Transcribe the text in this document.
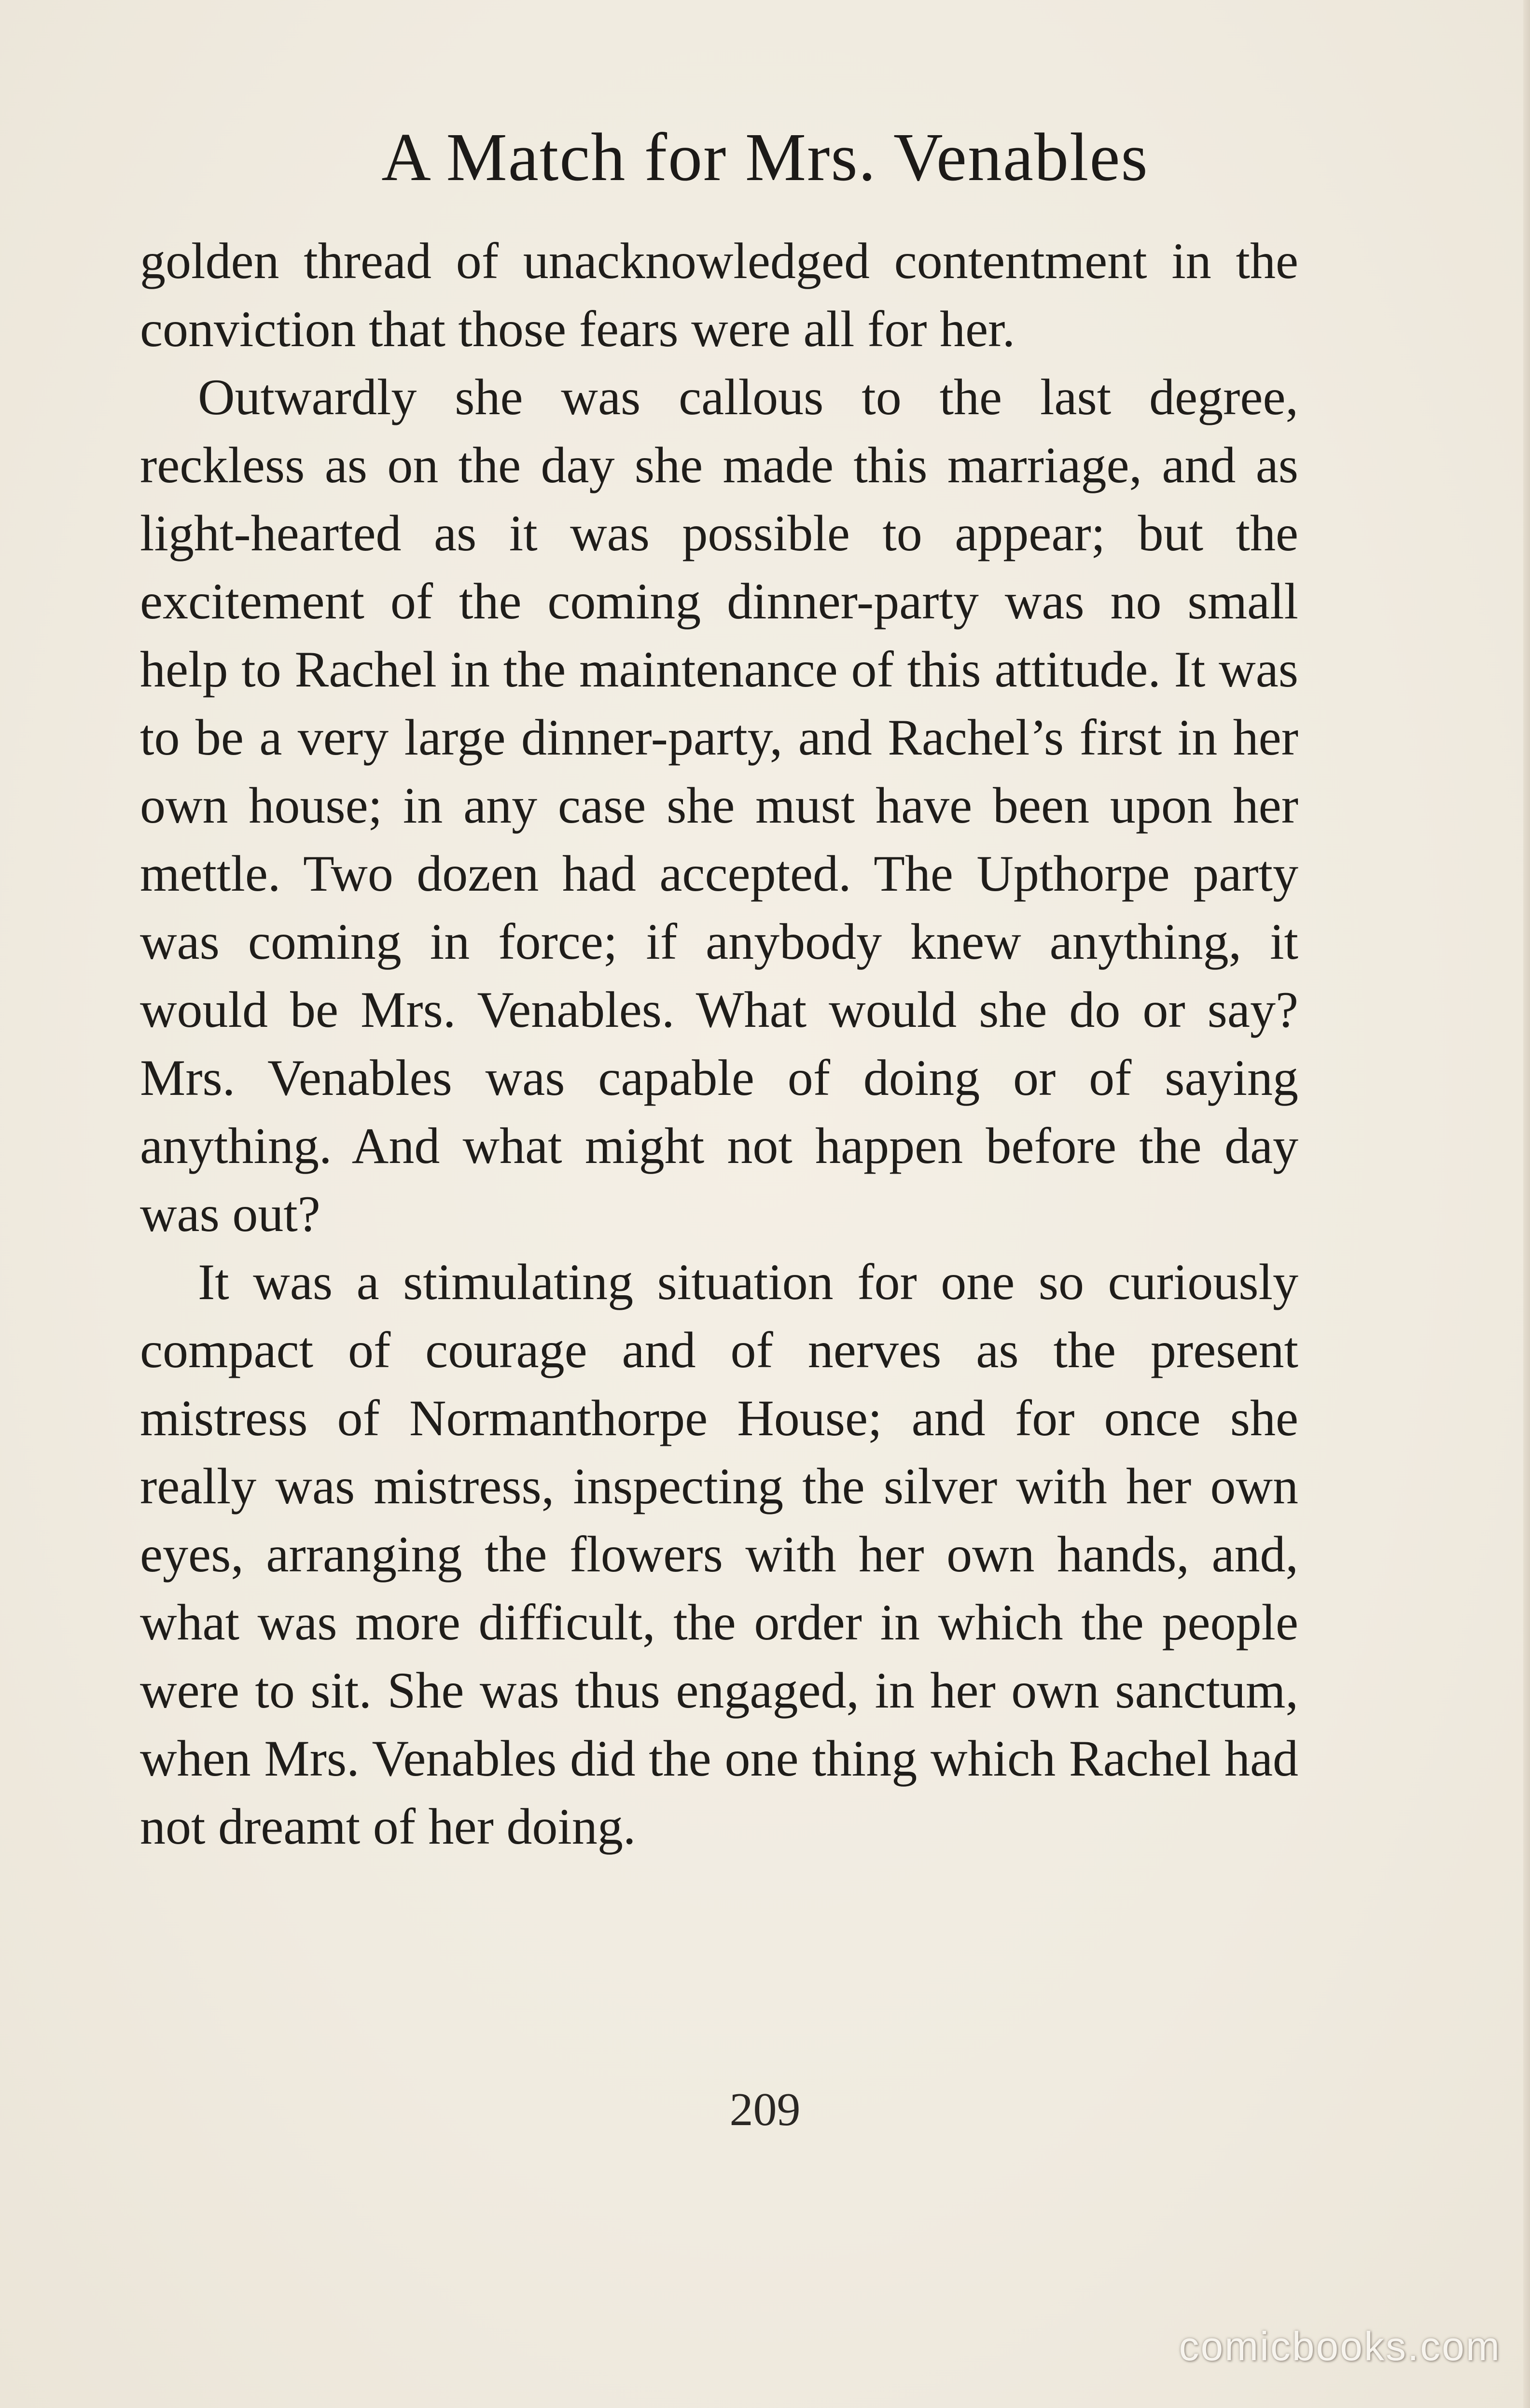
A Match for Mrs. Venables

golden thread of unacknowledged contentment in the conviction that those fears were all for her.

Outwardly she was callous to the last degree, reckless as on the day she made this marriage, and as light-hearted as it was possible to appear; but the excitement of the coming dinner-party was no small help to Rachel in the maintenance of this attitude. It was to be a very large dinner-party, and Rachel’s first in her own house; in any case she must have been upon her mettle. Two dozen had accepted. The Upthorpe party was coming in force; if anybody knew anything, it would be Mrs. Venables. What would she do or say? Mrs. Venables was capable of doing or of saying anything. And what might not happen before the day was out?

It was a stimulating situation for one so curiously compact of courage and of nerves as the present mistress of Normanthorpe House; and for once she really was mistress, inspecting the silver with her own eyes, arranging the flowers with her own hands, and, what was more difficult, the order in which the people were to sit. She was thus engaged, in her own sanctum, when Mrs. Venables did the one thing which Rachel had not dreamt of her doing.

209
comicbooks.com
